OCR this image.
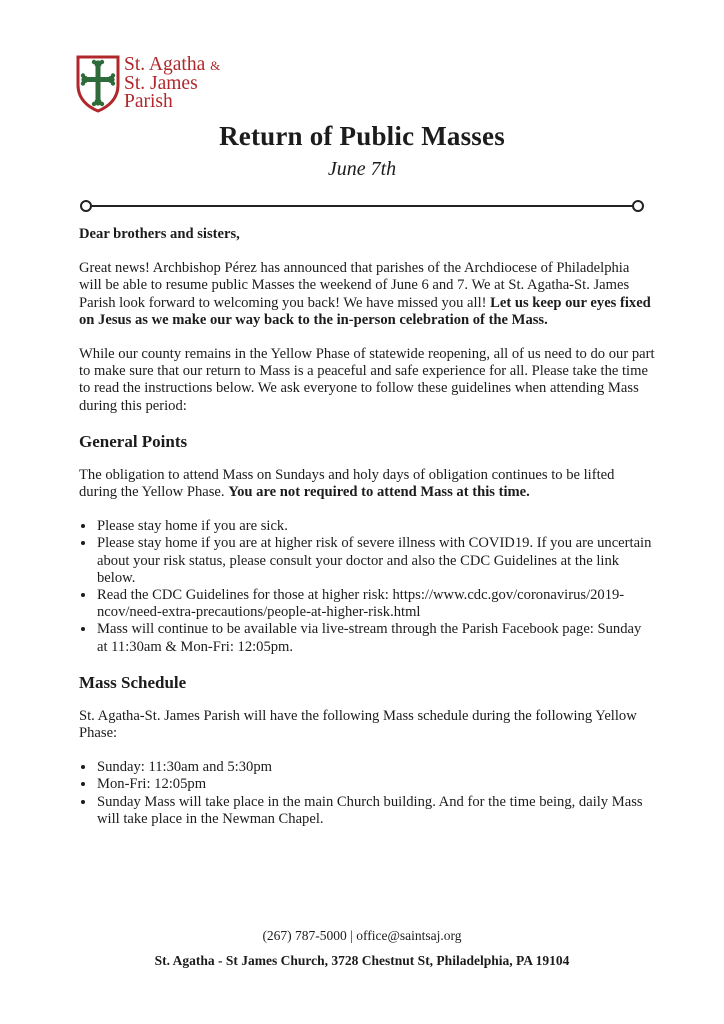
St. Agatha &
St. James
Parish
Return of Public Masses
June 7th

Dear brothers and sisters,

Great news! Archbishop Pérez has announced that parishes of the Archdiocese of Philadelphia will be able to resume public Masses the weekend of June 6 and 7. We at St. Agatha-St. James Parish look forward to welcoming you back! We have missed you all! Let us keep our eyes fixed on Jesus as we make our way back to the in-person celebration of the Mass.

While our county remains in the Yellow Phase of statewide reopening, all of us need to do our part to make sure that our return to Mass is a peaceful and safe experience for all. Please take the time to read the instructions below. We ask everyone to follow these guidelines when attending Mass during this period:

General Points

The obligation to attend Mass on Sundays and holy days of obligation continues to be lifted during the Yellow Phase. You are not required to attend Mass at this time.

• Please stay home if you are sick.
• Please stay home if you are at higher risk of severe illness with COVID19. If you are uncertain about your risk status, please consult your doctor and also the CDC Guidelines at the link below.
• Read the CDC Guidelines for those at higher risk: https://www.cdc.gov/coronavirus/2019-ncov/need-extra-precautions/people-at-higher-risk.html
• Mass will continue to be available via live-stream through the Parish Facebook page: Sunday at 11:30am & Mon-Fri: 12:05pm.
Mass Schedule

St. Agatha-St. James Parish will have the following Mass schedule during the following Yellow Phase:

• Sunday: 11:30am and 5:30pm
• Mon-Fri: 12:05pm
• Sunday Mass will take place in the main Church building. And for the time being, daily Mass will take place in the Newman Chapel.
(267) 787-5000 | office@saintsaj.org
St. Agatha - St James Church, 3728 Chestnut St, Philadelphia, PA 19104
